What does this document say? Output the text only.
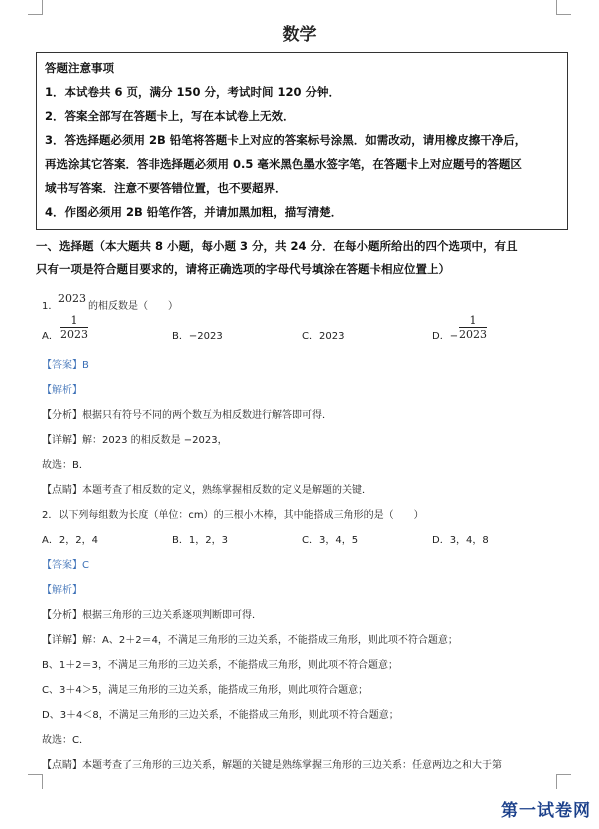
数学
答题注意事项
1．本试卷共 6 页，满分 150 分，考试时间 120 分钟．
2．答案全部写在答题卡上，写在本试卷上无效．
3．答选择题必须用 2B 铅笔将答题卡上对应的答案标号涂黑．如需改动，请用橡皮擦干净后，
再选涂其它答案．答非选择题必须用 0.5 毫米黑色墨水签字笔，在答题卡上对应题号的答题区
域书写答案．注意不要答错位置，也不要超界．
4．作图必须用 2B 铅笔作答，并请加黑加粗，描写清楚．
一、选择题（本大题共 8 小题，每小题 3 分，共 24 分．在每小题所给出的四个选项中，有且
只有一项是符合题目要求的，请将正确选项的字母代号填涂在答题卡相应位置上）
1．
2023
的相反数是（　　）
A． $\frac{1}{2023}$	B．−2023	C．2023	D．− $\frac{1}{2023}$
【答案】B
【解析】
【分析】根据只有符号不同的两个数互为相反数进行解答即可得．
【详解】解：2023 的相反数是 −2023，
故选：B．
【点睛】本题考查了相反数的定义，熟练掌握相反数的定义是解题的关键．
2．以下列每组数为长度（单位：cm）的三根小木棒，其中能搭成三角形的是（　　）
A．2，2，4	B．1，2，3	C．3，4，5	D．3，4，8
【答案】C
【解析】
【分析】根据三角形的三边关系逐项判断即可得．
【详解】解：A、2＋2＝4，不满足三角形的三边关系，不能搭成三角形，则此项不符合题意；
B、1＋2＝3，不满足三角形的三边关系，不能搭成三角形，则此项不符合题意；
C、3＋4＞5，满足三角形的三边关系，能搭成三角形，则此项符合题意；
D、3＋4＜8，不满足三角形的三边关系，不能搭成三角形，则此项不符合题意；
故选：C．
【点睛】本题考查了三角形的三边关系，解题的关键是熟练掌握三角形的三边关系：任意两边之和大于第
第一试卷网
